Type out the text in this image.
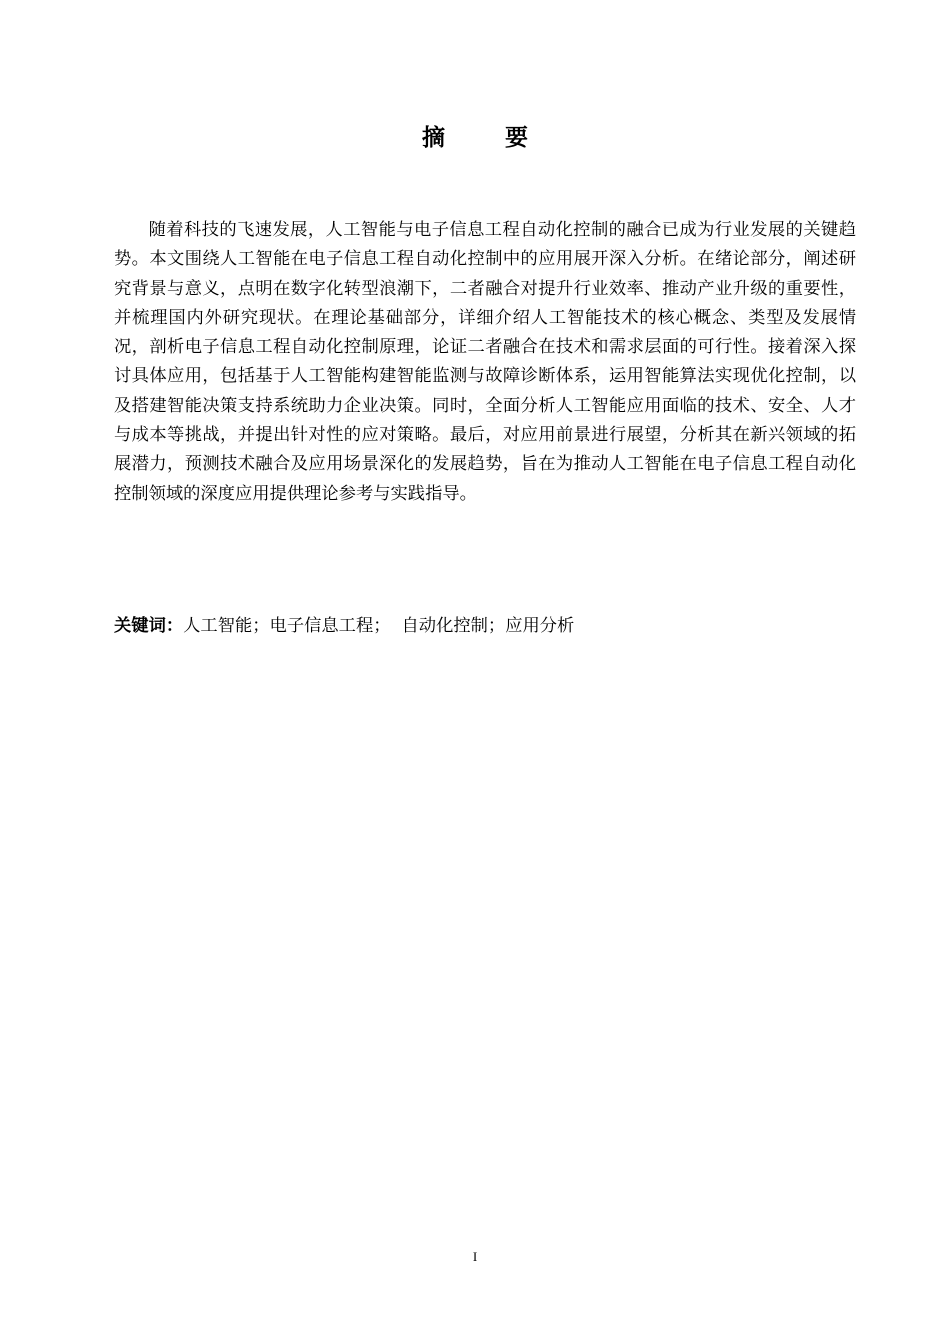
摘 要

随着科技的飞速发展，人工智能与电子信息工程自动化控制的融合已成为行业发展的关键趋势。本文围绕人工智能在电子信息工程自动化控制中的应用展开深入分析。在绪论部分，阐述研究背景与意义，点明在数字化转型浪潮下，二者融合对提升行业效率、推动产业升级的重要性，并梳理国内外研究现状。在理论基础部分，详细介绍人工智能技术的核心概念、类型及发展情况，剖析电子信息工程自动化控制原理，论证二者融合在技术和需求层面的可行性。接着深入探讨具体应用，包括基于人工智能构建智能监测与故障诊断体系，运用智能算法实现优化控制，以及搭建智能决策支持系统助力企业决策。同时，全面分析人工智能应用面临的技术、安全、人才与成本等挑战，并提出针对性的应对策略。最后，对应用前景进行展望，分析其在新兴领域的拓展潜力，预测技术融合及应用场景深化的发展趋势，旨在为推动人工智能在电子信息工程自动化控制领域的深度应用提供理论参考与实践指导。

关键词：人工智能；电子信息工程；  自动化控制；应用分析

I
